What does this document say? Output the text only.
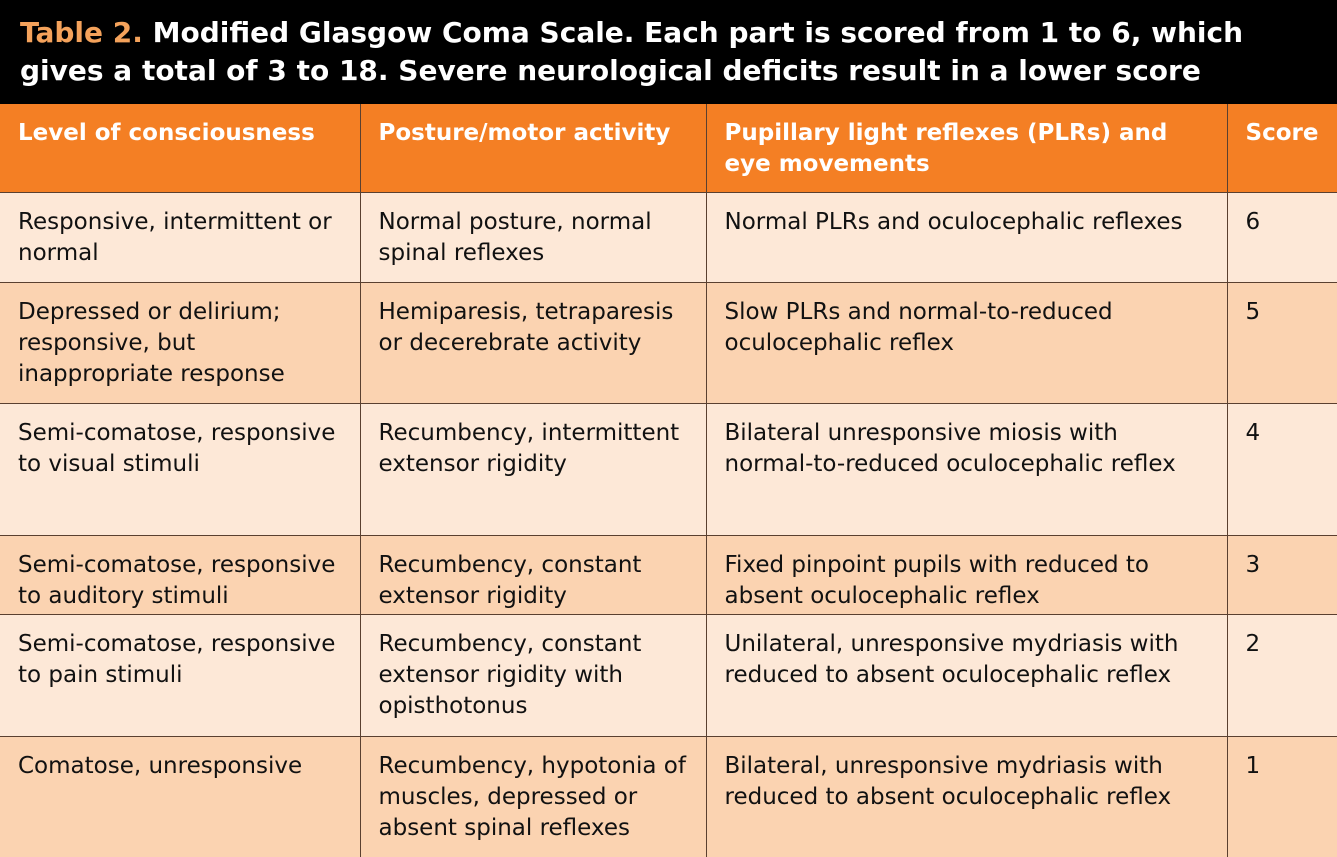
Table 2. Modified Glasgow Coma Scale. Each part is scored from 1 to 6, which gives a total of 3 to 18. Severe neurological deficits result in a lower score
Level of consciousness	Posture/motor activity	Pupillary light reflexes (PLRs) and eye movements	Score
Responsive, intermittent or normal	Normal posture, normal spinal reflexes	Normal PLRs and oculocephalic reflexes	6
Depressed or delirium; responsive, but inappropriate response	Hemiparesis, tetraparesis or decerebrate activity	Slow PLRs and normal-to-reduced oculocephalic reflex	5
Semi-comatose, responsive to visual stimuli	Recumbency, intermittent extensor rigidity	Bilateral unresponsive miosis with normal-to-reduced oculocephalic reflex	4
Semi-comatose, responsive to auditory stimuli	Recumbency, constant extensor rigidity	Fixed pinpoint pupils with reduced to absent oculocephalic reflex	3
Semi-comatose, responsive to pain stimuli	Recumbency, constant extensor rigidity with opisthotonus	Unilateral, unresponsive mydriasis with reduced to absent oculocephalic reflex	2
Comatose, unresponsive	Recumbency, hypotonia of muscles, depressed or absent spinal reflexes	Bilateral, unresponsive mydriasis with reduced to absent oculocephalic reflex	1
